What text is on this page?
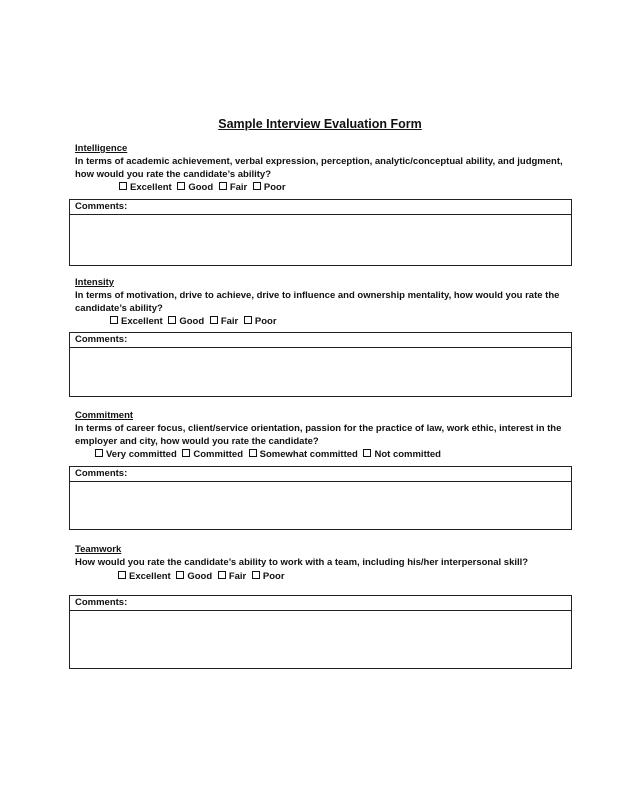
Sample Interview Evaluation Form
Intelligence
In terms of academic achievement, verbal expression, perception, analytic/conceptual ability, and judgment, how would you rate the candidate’s ability?
Excellent Good Fair Poor
Comments:
Intensity
In terms of motivation, drive to achieve, drive to influence and ownership mentality, how would you rate the candidate’s ability?
Excellent Good Fair Poor
Comments:
Commitment
In terms of career focus, client/service orientation, passion for the practice of law, work ethic, interest in the employer and city, how would you rate the candidate?
Very committed Committed Somewhat committed Not committed
Comments:
Teamwork
How would you rate the candidate’s ability to work with a team, including his/her interpersonal skill?
Excellent Good Fair Poor
Comments:
